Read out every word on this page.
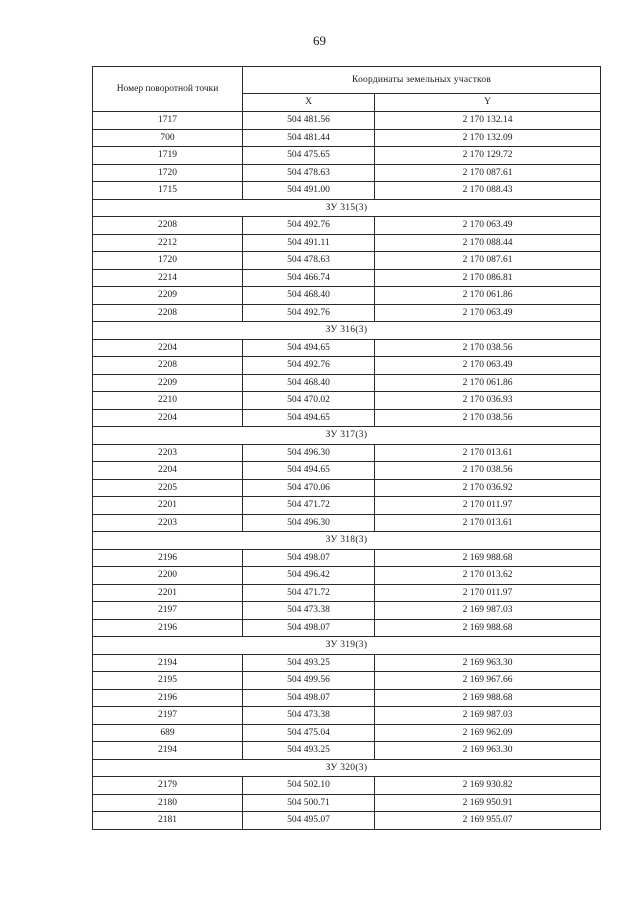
69
Номер поворотной точки	Координаты земельных участков	
	X	Y
1717	504 481.56	2 170 132.14
700	504 481.44	2 170 132.09
1719	504 475.65	2 170 129.72
1720	504 478.63	2 170 087.61
1715	504 491.00	2 170 088.43
ЗУ 315(3)		
2208	504 492.76	2 170 063.49
2212	504 491.11	2 170 088.44
1720	504 478.63	2 170 087.61
2214	504 466.74	2 170 086.81
2209	504 468.40	2 170 061.86
2208	504 492.76	2 170 063.49
ЗУ 316(3)		
2204	504 494.65	2 170 038.56
2208	504 492.76	2 170 063.49
2209	504 468.40	2 170 061.86
2210	504 470.02	2 170 036.93
2204	504 494.65	2 170 038.56
ЗУ 317(3)		
2203	504 496.30	2 170 013.61
2204	504 494.65	2 170 038.56
2205	504 470.06	2 170 036.92
2201	504 471.72	2 170 011.97
2203	504 496.30	2 170 013.61
ЗУ 318(3)		
2196	504 498.07	2 169 988.68
2200	504 496.42	2 170 013.62
2201	504 471.72	2 170 011.97
2197	504 473.38	2 169 987.03
2196	504 498.07	2 169 988.68
ЗУ 319(3)		
2194	504 493.25	2 169 963.30
2195	504 499.56	2 169 967.66
2196	504 498.07	2 169 988.68
2197	504 473.38	2 169 987.03
689	504 475.04	2 169 962.09
2194	504 493.25	2 169 963.30
ЗУ 320(3)		
2179	504 502.10	2 169 930.82
2180	504 500.71	2 169 950.91
2181	504 495.07	2 169 955.07
